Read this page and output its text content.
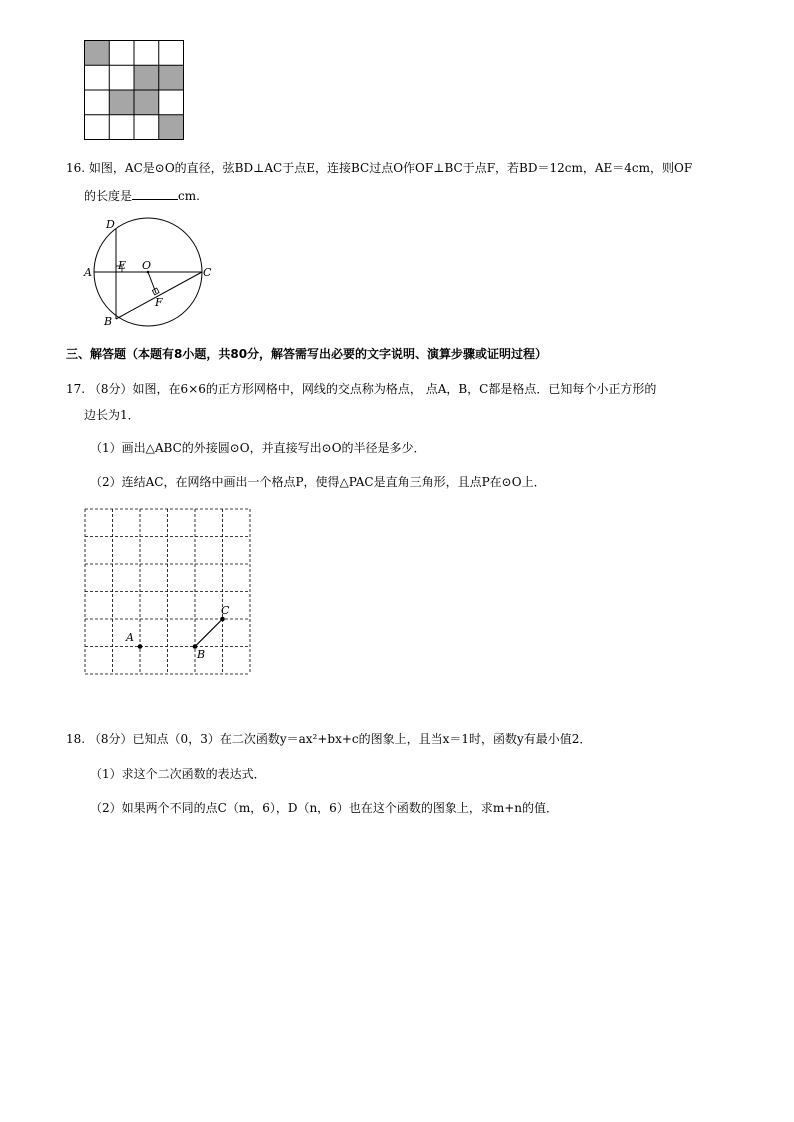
16. 如图，AC是⊙O的直径，弦BD⊥AC于点E，连接BC过点O作OF⊥BC于点F，若BD＝12cm，AE＝4cm，则OF
的长度是	cm.
D
A
E O
C
F
B
三、解答题（本题有8小题，共80分，解答需写出必要的文字说明、演算步骤或证明过程）
17. （8分）如图，在6×6的正方形网格中，网线的交点称为格点， 点A，B，C都是格点．已知每个小正方形的
边长为1．
（1）画出△ABC的外接圆⊙O，并直接写出⊙O的半径是多少．
（2）连结AC，在网络中画出一个格点P，使得△PAC是直角三角形，且点P在⊙O上．
A
B
C
18. （8分）已知点（0，3）在二次函数y＝ax²+bx+c的图象上，且当x＝1时，函数y有最小值2．
（1）求这个二次函数的表达式．
（2）如果两个不同的点C（m，6），D（n，6）也在这个函数的图象上，求m+n的值．
